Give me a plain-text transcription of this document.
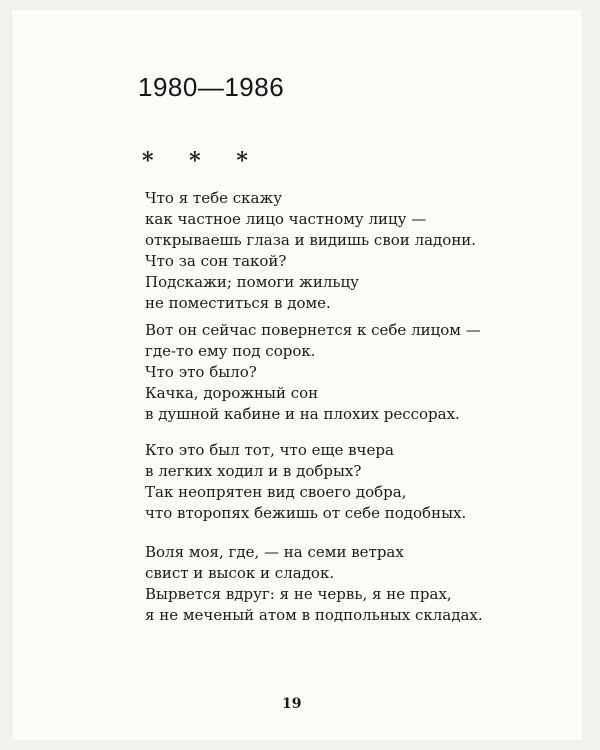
1980—1986
* * *
Что я тебе скажу
как частное лицо частному лицу —
открываешь глаза и видишь свои ладони.
Что за сон такой?
Подскажи; помоги жильцу
не поместиться в доме.
Вот он сейчас повернется к себе лицом —
где-то ему под сорок.
Что это было?
Качка, дорожный сон
в душной кабине и на плохих рессорах.
Кто это был тот, что еще вчера
в легких ходил и в добрых?
Так неопрятен вид своего добра,
что второпях бежишь от себе подобных.
Воля моя, где, — на семи ветрах
свист и высок и сладок.
Вырвется вдруг: я не червь, я не прах,
я не меченый атом в подпольных складах.
19
